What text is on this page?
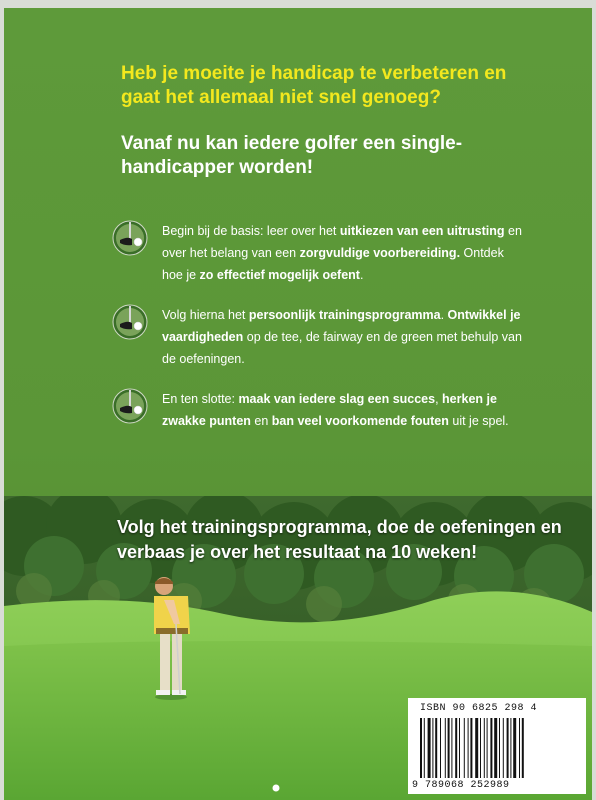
Heb je moeite je handicap te verbeteren en gaat het allemaal niet snel genoeg?
Vanaf nu kan iedere golfer een single-handicapper worden!
Begin bij de basis: leer over het uitkiezen van een uitrusting en over het belang van een zorgvuldige voorbereiding. Ontdek hoe je zo effectief mogelijk oefent.
Volg hierna het persoonlijk trainingsprogramma. Ontwikkel je vaardigheden op de tee, de fairway en de green met behulp van de oefeningen.
En ten slotte: maak van iedere slag een succes, herken je zwakke punten en ban veel voorkomende fouten uit je spel.
Volg het trainingsprogramma, doe de oefeningen en verbaas je over het resultaat na 10 weken!
ISBN 90 6825 298 4
9 789068 252989
